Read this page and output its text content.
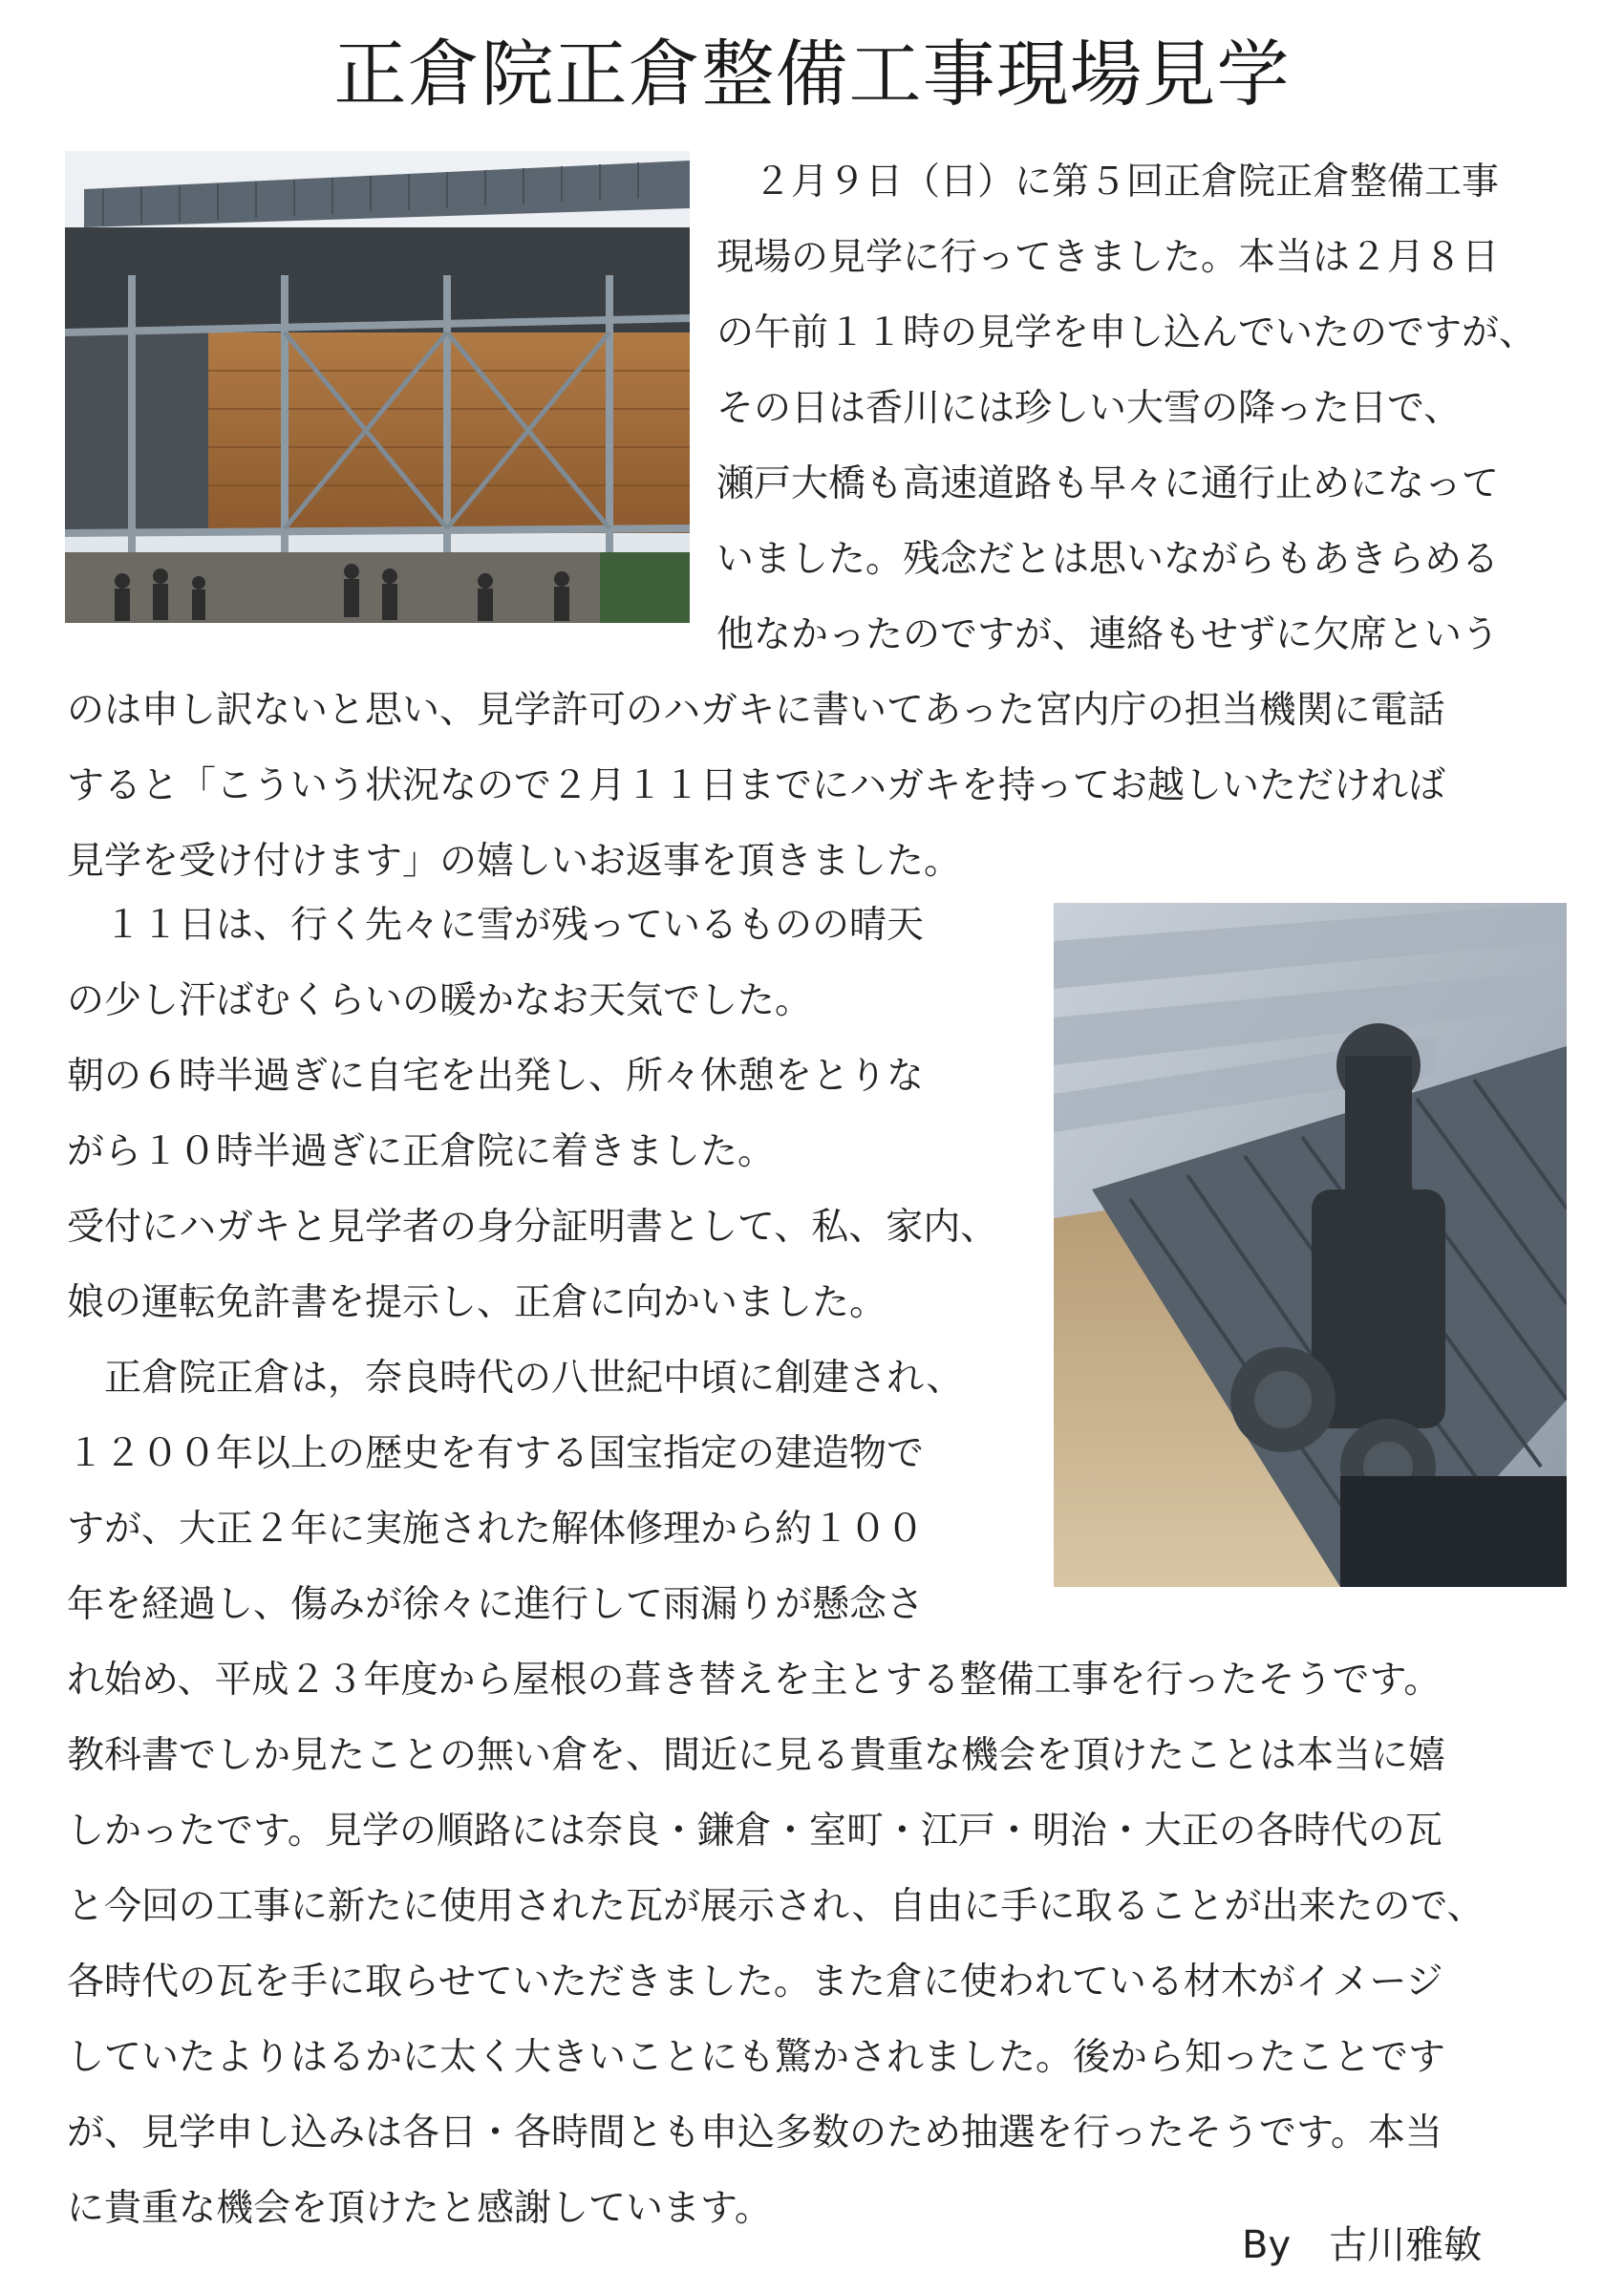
正倉院正倉整備工事現場見学
　２月９日（日）に第５回正倉院正倉整備工事
現場の見学に行ってきました。本当は２月８日
の午前１１時の見学を申し込んでいたのですが、
その日は香川には珍しい大雪の降った日で、
瀬戸大橋も高速道路も早々に通行止めになって
いました。残念だとは思いながらもあきらめる
他なかったのですが、連絡もせずに欠席という
のは申し訳ないと思い、見学許可のハガキに書いてあった宮内庁の担当機関に電話
すると「こういう状況なので２月１１日までにハガキを持ってお越しいただければ
見学を受け付けます」の嬉しいお返事を頂きました。
　１１日は、行く先々に雪が残っているものの晴天
の少し汗ばむくらいの暖かなお天気でした。
朝の６時半過ぎに自宅を出発し、所々休憩をとりな
がら１０時半過ぎに正倉院に着きました。
受付にハガキと見学者の身分証明書として、私、家内、
娘の運転免許書を提示し、正倉に向かいました。
　正倉院正倉は，奈良時代の八世紀中頃に創建され、
１２００年以上の歴史を有する国宝指定の建造物で
すが、大正２年に実施された解体修理から約１００
年を経過し、傷みが徐々に進行して雨漏りが懸念さ
れ始め、平成２３年度から屋根の葺き替えを主とする整備工事を行ったそうです。
教科書でしか見たことの無い倉を、間近に見る貴重な機会を頂けたことは本当に嬉
しかったです。見学の順路には奈良・鎌倉・室町・江戸・明治・大正の各時代の瓦
と今回の工事に新たに使用された瓦が展示され、自由に手に取ることが出来たので、
各時代の瓦を手に取らせていただきました。また倉に使われている材木がイメージ
していたよりはるかに太く大きいことにも驚かされました。後から知ったことです
が、見学申し込みは各日・各時間とも申込多数のため抽選を行ったそうです。本当
に貴重な機会を頂けたと感謝しています。
By　古川雅敏
